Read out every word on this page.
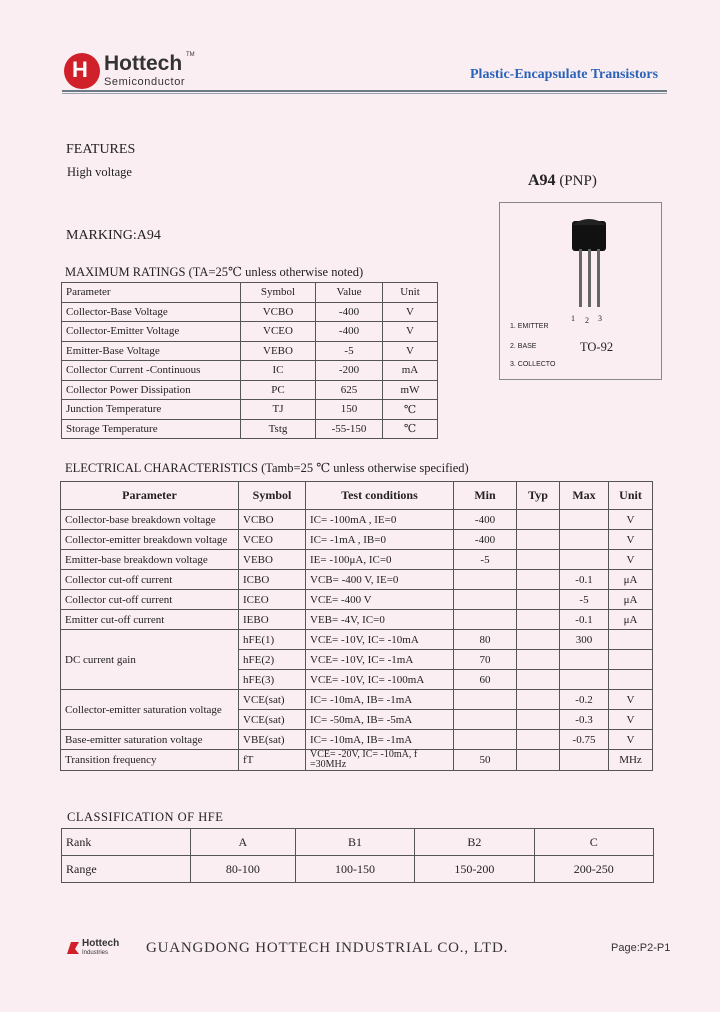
H Hottech TM
Semiconductor	Plastic-Encapsulate Transistors
FEATURES
High voltage	A94 (PNP)
MARKING:A94
1 2 3
1. EMITTER
2. BASE
3. COLLECTO
TO-92
MAXIMUM RATINGS (TA=25℃ unless otherwise noted)
Parameter	Symbol	Value	Unit
Collector-Base Voltage	VCBO	-400	V
Collector-Emitter Voltage	VCEO	-400	V
Emitter-Base Voltage	VEBO	-5	V
Collector Current -Continuous	IC	-200	mA
Collector Power Dissipation	PC	625	mW
Junction Temperature	TJ	150	℃
Storage Temperature	Tstg	-55-150	℃
ELECTRICAL CHARACTERISTICS (Tamb=25 ℃ unless otherwise specified)
Parameter	Symbol	Test conditions	Min	Typ	Max	Unit
Collector-base breakdown voltage	VCBO	IC= -100mA , IE=0	-400			V
Collector-emitter breakdown voltage	VCEO	IC= -1mA , IB=0	-400			V
Emitter-base breakdown voltage	VEBO	IE= -100μA, IC=0	-5			V
Collector cut-off current	ICBO	VCB= -400 V, IE=0			-0.1	μA
Collector cut-off current	ICEO	VCE= -400 V			-5	μA
Emitter cut-off current	IEBO	VEB= -4V, IC=0			-0.1	μA
DC current gain	hFE(1)	VCE= -10V, IC= -10mA	80		300	
	hFE(2)	VCE= -10V, IC= -1mA	70			
	hFE(3)	VCE= -10V, IC= -100mA	60			
Collector-emitter saturation voltage	VCE(sat)	IC= -10mA, IB= -1mA			-0.2	V
	VCE(sat)	IC= -50mA, IB= -5mA			-0.3	V
Base-emitter saturation voltage	VBE(sat)	IC= -10mA, IB= -1mA			-0.75	V
Transition frequency	fT	VCE= -20V, IC= -10mA, f =30MHz	50			MHz
CLASSIFICATION OF HFE
Rank	A	B1	B2	C
Range	80-100	100-150	150-200	200-250
Hottech
Industries	GUANGDONG HOTTECH INDUSTRIAL CO., LTD.	Page:P2-P1
